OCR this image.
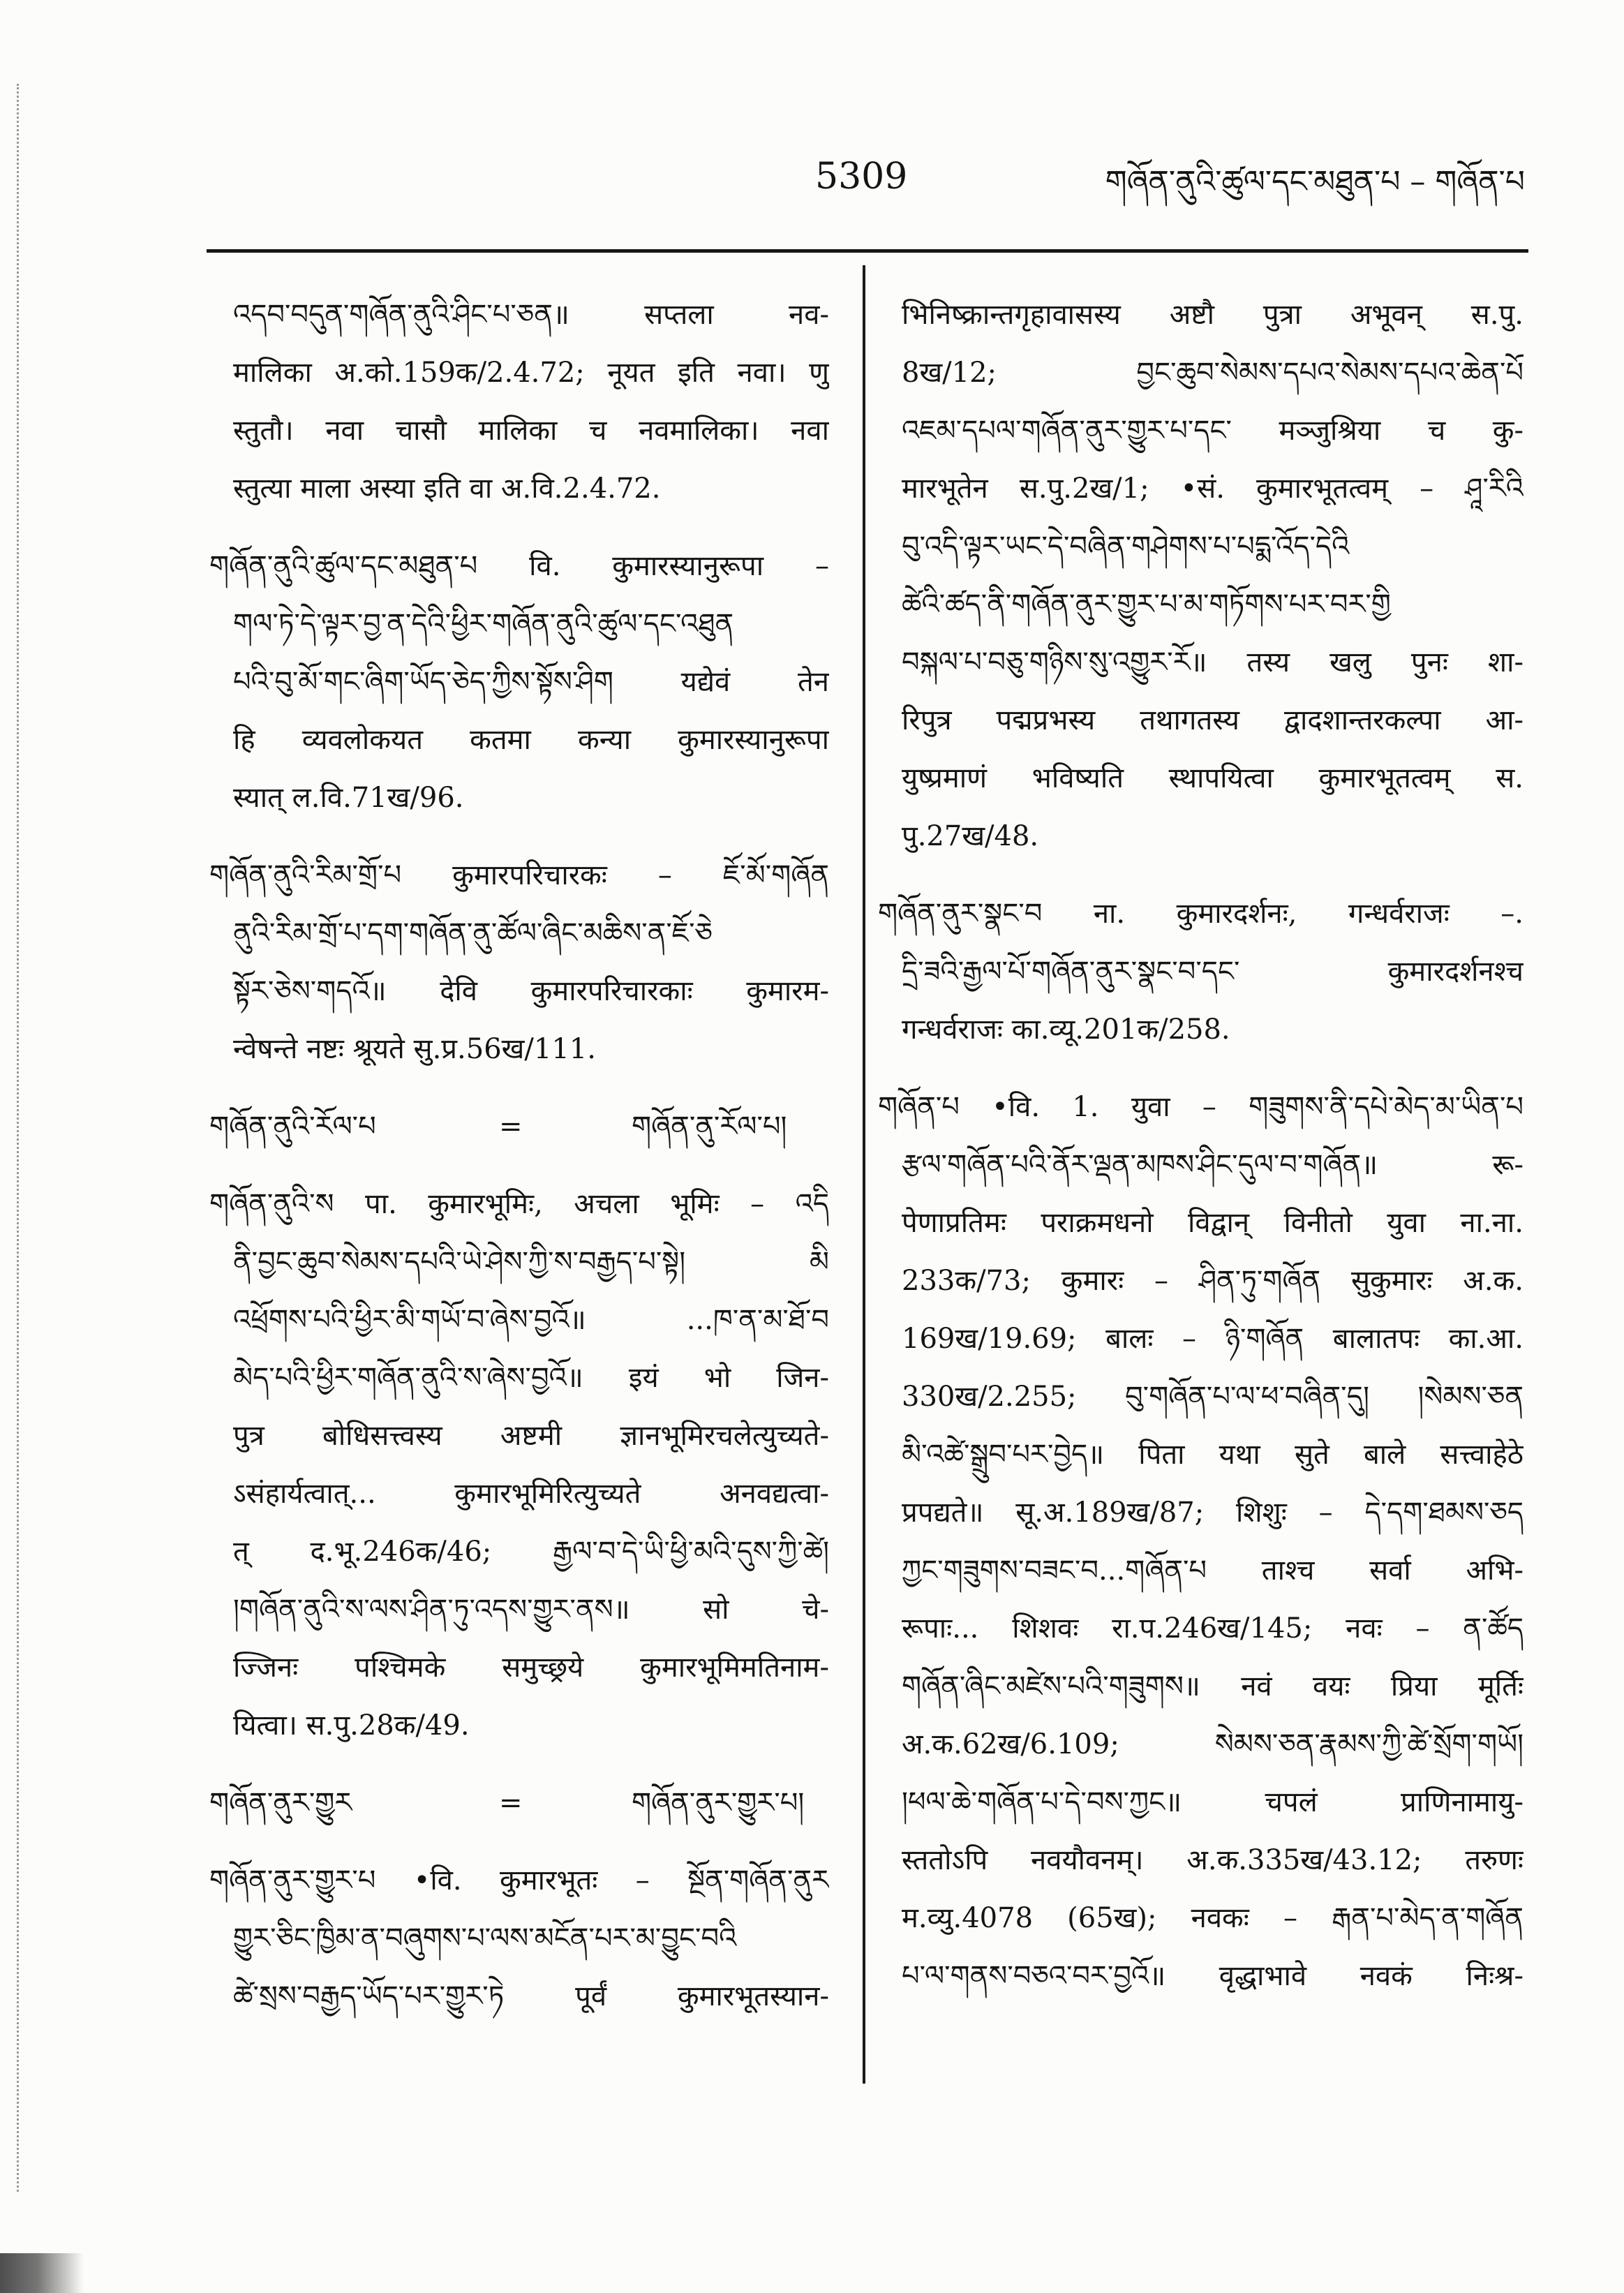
5309	གཞོན་ནུའི་ཚུལ་དང་མཐུན་པ – གཞོན་པ
འདབ་བདུན་གཞོན་ནུའི་ཤིང་པ་ཅན॥ सप्तला नव-
मालिका अ.को.159क/2.4.72; नूयत इति नवा। णु
स्तुतौ। नवा चासौ मालिका च नवमालिका। नवा
स्तुत्या माला अस्या इति वा अ.वि.2.4.72.
གཞོན་ནུའི་ཚུལ་དང་མཐུན་པ वि. कुमारस्यानुरूपा –
གལ་ཏེ་དེ་ལྟར་བྱ་ན་དེའི་ཕྱིར་གཞོན་ནུའི་ཚུལ་དང་འཐུན
པའི་བུ་མོ་གང་ཞིག་ཡོད་ཅེད་ཀྱིས་སྟོས་ཤིག यद्येवं तेन
हि व्यवलोकयत कतमा कन्या कुमारस्यानुरूपा
स्यात् ल.वि.71ख/96.
གཞོན་ནུའི་རིམ་གྲོ་པ कुमारपरिचारकः – ཇོ་མོ་གཞོན
ནུའི་རིམ་གྲོ་པ་དག་གཞོན་ནུ་ཚོལ་ཞིང་མཆིས་ན་ཇོ་ཅེ
སྟོར་ཅེས་གདའོ॥ देवि कुमारपरिचारकाः कुमारम-
न्वेषन्ते नष्टः श्रूयते सु.प्र.56ख/111.
གཞོན་ནུའི་རོལ་པ	=	གཞོན་ནུ་རོལ་པ།
གཞོན་ནུའི་ས पा. कुमारभूमिः, अचला भूमिः – འདི
ནི་བྱང་ཆུབ་སེམས་དཔའི་ཡེ་ཤེས་ཀྱི་ས་བརྒྱད་པ་སྟེ། མི
འཕྲོགས་པའི་ཕྱིར་མི་གཡོ་བ་ཞེས་བྱའོ॥ ...ཁ་ན་མ་ཐོ་བ
མེད་པའི་ཕྱིར་གཞོན་ནུའི་ས་ཞེས་བྱའོ॥ इयं भो जिन-
पुत्र बोधिसत्त्वस्य अष्टमी ज्ञानभूमिरचलेत्युच्यते-
ऽसंहार्यत्वात्... कुमारभूमिरित्युच्यते अनवद्यत्वा-
त् द.भू.246क/46; རྒྱལ་བ་དེ་ཡི་ཕྱི་མའི་དུས་ཀྱི་ཚེ།
།གཞོན་ནུའི་ས་ལས་ཤིན་ཏུ་འདས་གྱུར་ནས॥ सो चे-
ज्जिनः पश्चिमके समुच्छ्रये कुमारभूमिमतिनाम-
यित्वा। स.पु.28क/49.
གཞོན་ནུར་གྱུར	=	གཞོན་ནུར་གྱུར་པ།
གཞོན་ནུར་གྱུར་པ •वि. कुमारभूतः – སྔོན་གཞོན་ནུར
གྱུར་ཅིང་ཁྱིམ་ན་བཞུགས་པ་ལས་མངོན་པར་མ་བྱུང་བའི
ཚེ་སྲས་བརྒྱད་ཡོད་པར་གྱུར་ཏེ पूर्वं कुमारभूतस्यान-
भिनिष्क्रान्तगृहावासस्य अष्टौ पुत्रा अभूवन् स.पु.
8ख/12; བྱང་ཆུབ་སེམས་དཔའ་སེམས་དཔའ་ཆེན་པོ
འཇམ་དཔལ་གཞོན་ནུར་གྱུར་པ་དང་ मञ्जुश्रिया च कु-
मारभूतेन स.पु.2ख/1; •सं. कुमारभूतत्वम् – ཤཱ་རིའི
བུ་འདི་ལྟར་ཡང་དེ་བཞིན་གཤེགས་པ་པདྨ་འོད་དེའི
ཚེའི་ཚད་ནི་གཞོན་ནུར་གྱུར་པ་མ་གཏོགས་པར་བར་གྱི
བསྐལ་པ་བཅུ་གཉིས་སུ་འགྱུར་རོ॥ तस्य खलु पुनः शा-
रिपुत्र पद्मप्रभस्य तथागतस्य द्वादशान्तरकल्पा आ-
युष्प्रमाणं भविष्यति स्थापयित्वा कुमारभूतत्वम् स.
पु.27ख/48.
གཞོན་ནུར་སྣང་བ ना. कुमारदर्शनः, गन्धर्वराजः –.
དྲི་ཟའི་རྒྱལ་པོ་གཞོན་ནུར་སྣང་བ་དང་ कुमारदर्शनश्च
गन्धर्वराजः का.व्यू.201क/258.
གཞོན་པ •वि. 1. युवा – གཟུགས་ནི་དཔེ་མེད་མ་ཡིན་པ
རྩལ་གཞོན་པའི་ནོར་ལྡན་མཁས་ཤིང་དུལ་བ་གཞོན॥ रू-
पेणाप्रतिमः पराक्रमधनो विद्वान् विनीतो युवा ना.ना.
233क/73; कुमारः – ཤིན་ཏུ་གཞོན सुकुमारः अ.क.
169ख/19.69; बालः – ཉི་གཞོན बालातपः का.आ.
330ख/2.255; བུ་གཞོན་པ་ལ་ཕ་བཞིན་དུ། །སེམས་ཅན
མི་འཚེ་སྒྲུབ་པར་བྱེད॥ पिता यथा सुते बाले सत्त्वाहेठे
प्रपद्यते॥ सू.अ.189ख/87; शिशुः – དེ་དག་ཐམས་ཅད
ཀྱང་གཟུགས་བཟང་བ...གཞོན་པ ताश्च सर्वा अभि-
रूपाः... शिशवः रा.प.246ख/145; नवः – ན་ཚོད
གཞོན་ཞིང་མཛེས་པའི་གཟུགས॥ नवं वयः प्रिया मूर्तिः
अ.क.62ख/6.109; སེམས་ཅན་རྣམས་ཀྱི་ཚེ་སྲོག་གཡོ།
།ཕལ་ཆེ་གཞོན་པ་དེ་བས་ཀྱང॥ चपलं प्राणिनामायु-
स्ततोऽपि नवयौवनम्। अ.क.335ख/43.12; तरुणः
म.व्यु.4078 (65ख); नवकः – རྒན་པ་མེད་ན་གཞོན
པ་ལ་གནས་བཅའ་བར་བྱའོ॥ वृद्धाभावे नवकं निःश्र-
